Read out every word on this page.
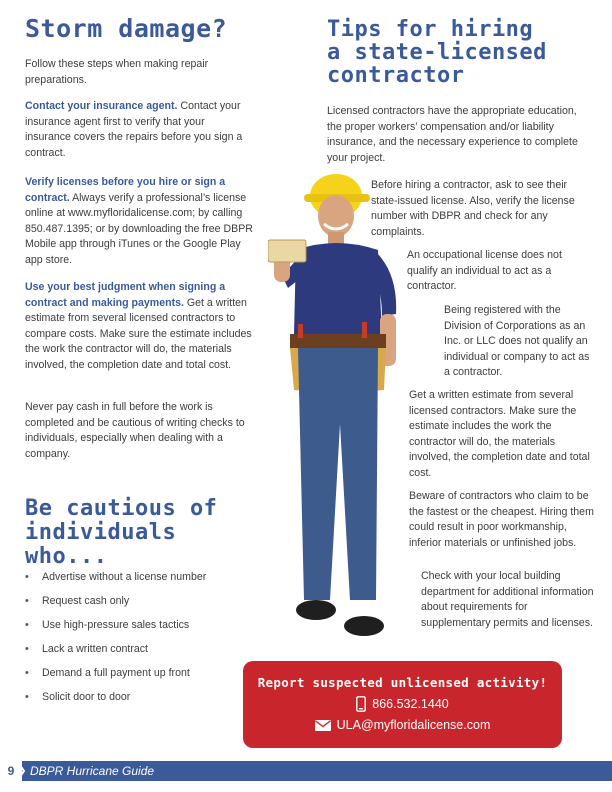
Storm damage?

Follow these steps when making repair preparations.

Contact your insurance agent. Contact your insurance agent first to verify that your insurance covers the repairs before you sign a contract.

Verify licenses before you hire or sign a contract. Always verify a professional’s license online at www.myfloridalicense.com; by calling 850.487.1395; or by downloading the free DBPR Mobile app through iTunes or the Google Play app store.

Use your best judgment when signing a contract and making payments. Get a written estimate from several licensed contractors to compare costs. Make sure the estimate includes the work the contractor will do, the materials involved, the completion date and total cost.

Never pay cash in full before the work is completed and be cautious of writing checks to individuals, especially when dealing with a company.

Be cautious of
individuals who...
• Advertise without a license number
• Request cash only
• Use high-pressure sales tactics
• Lack a written contract
• Demand a full payment up front
• Solicit door to door
Tips for hiring
a state-licensed
contractor

Licensed contractors have the appropriate education, the proper workers’ compensation and/or liability insurance, and the necessary experience to complete your project.

Before hiring a contractor, ask to see their state-issued license. Also, verify the license number with DBPR and check for any complaints.

An occupational license does not qualify an individual to act as a contractor.

Being registered with the Division of Corporations as an Inc. or LLC does not qualify an individual or company to act as a contractor.

Get a written estimate from several licensed contractors. Make sure the estimate includes the work the contractor will do, the materials involved, the completion date and total cost.

Beware of contractors who claim to be the fastest or the cheapest. Hiring them could result in poor workmanship, inferior materials or unfinished jobs.

Check with your local building department for additional information about requirements for supplementary permits and licenses.

Report suspected unlicensed activity!
866.532.1440
ULA@myfloridalicense.com
9	DBPR Hurricane Guide
